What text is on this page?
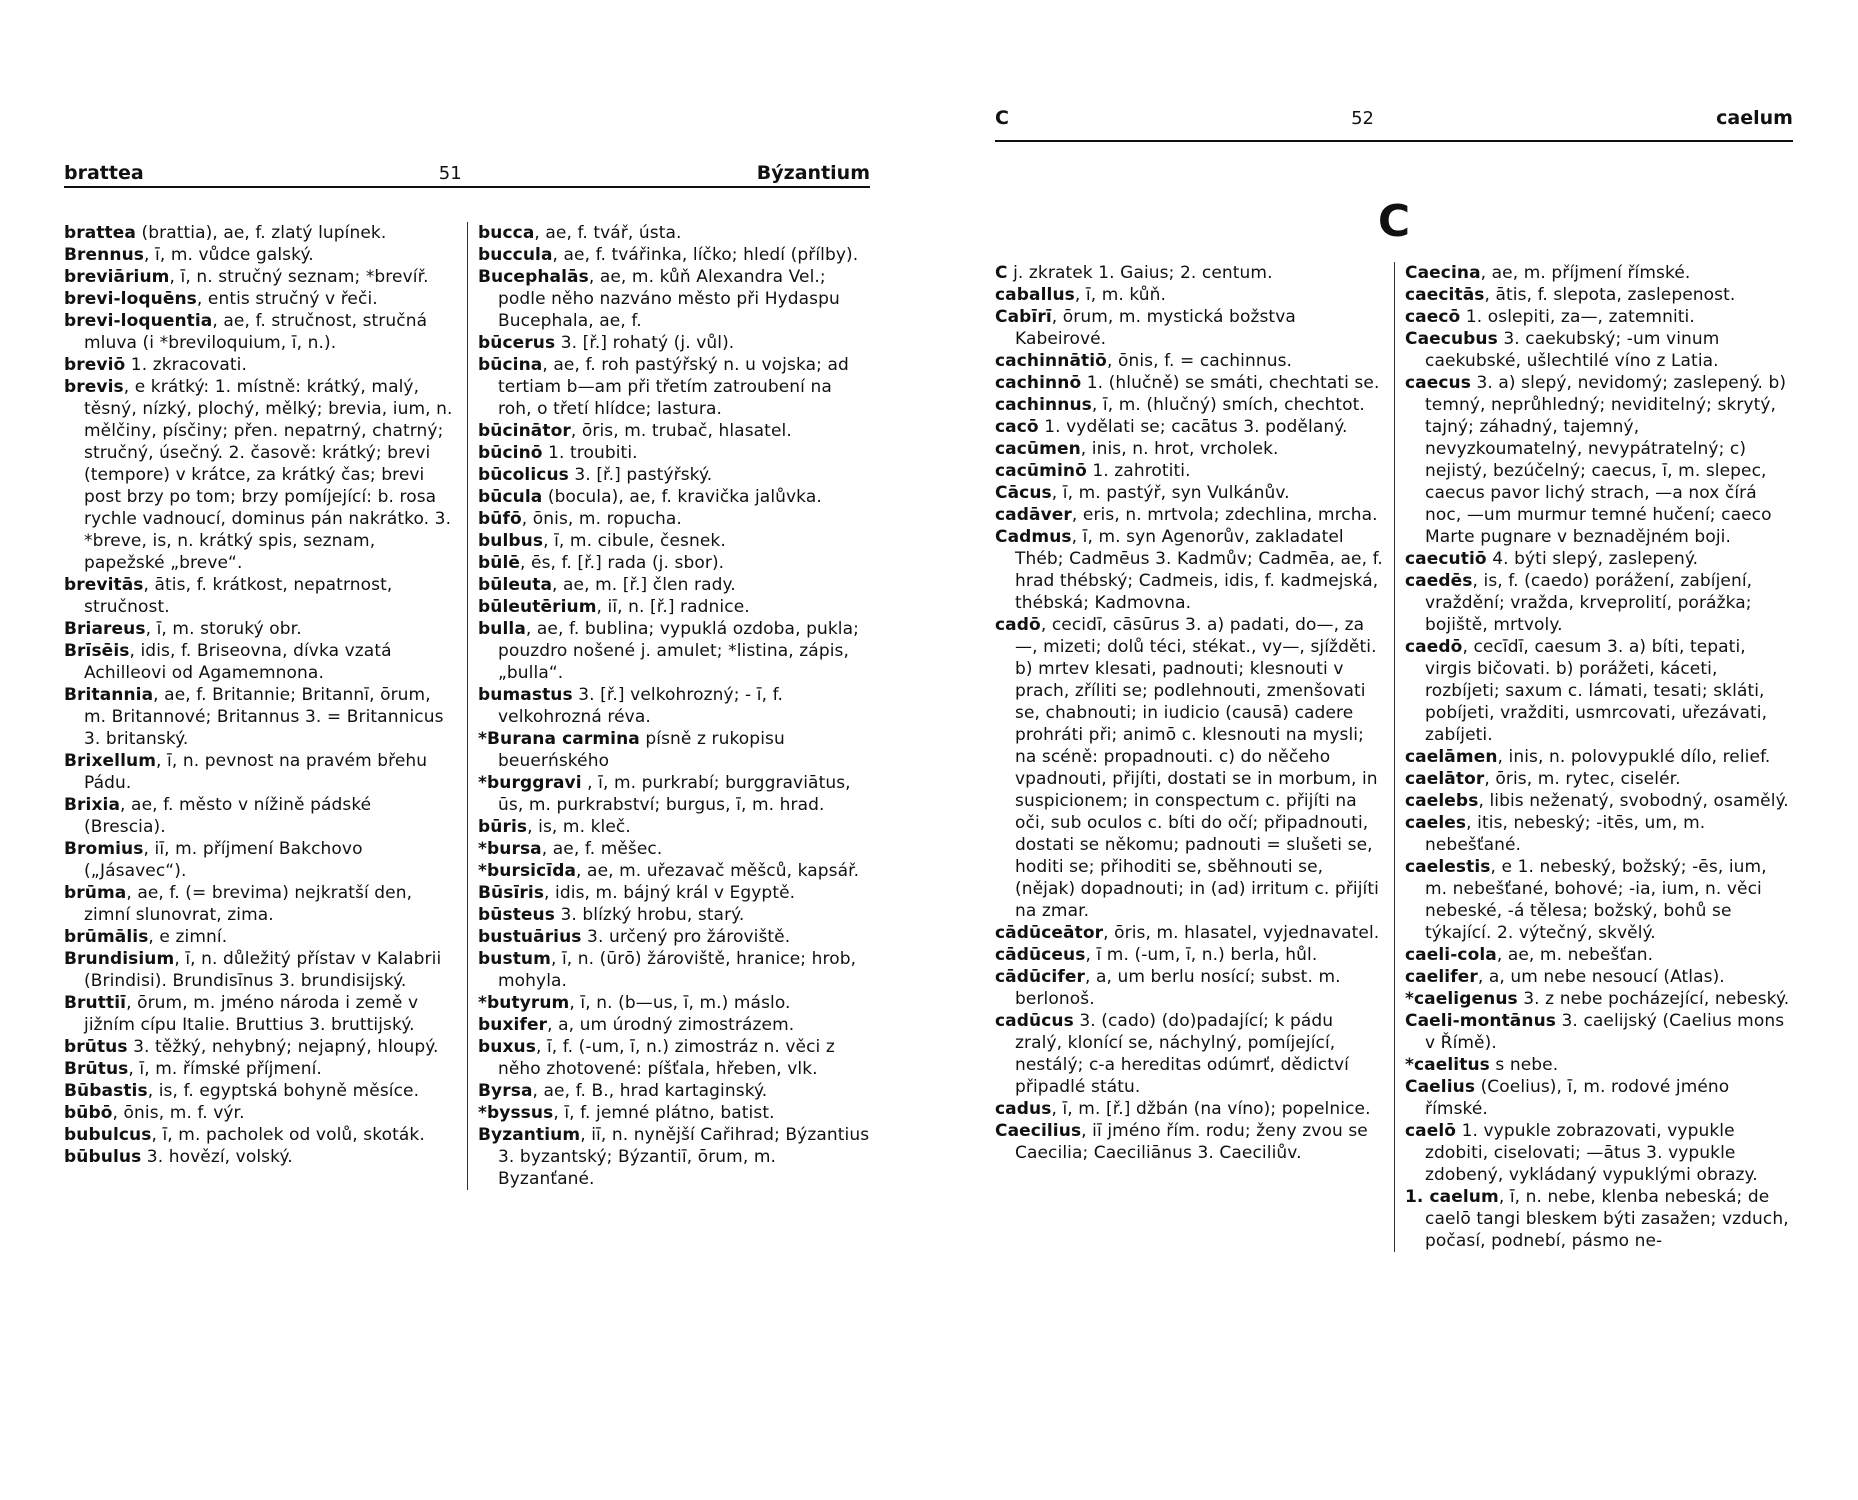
brattea	51	Býzantium

brattea (brattia), ae, f. zlatý lupínek.

Brennus, ī, m. vůdce galský.

breviārium, ī, n. stručný seznam; *brevíř.

brevi-loquēns, entis stručný v řeči.

brevi-loquentia, ae, f. stručnost, stručná mluva (i *breviloquium, ī, n.).

breviō 1. zkracovati.

brevis, e krátký: 1. místně: krátký, malý, těsný, nízký, plochý, mělký; brevia, ium, n. mělčiny, písčiny; přen. nepatrný, chatrný; stručný, úsečný. 2. časově: krátký; brevi (tempore) v krátce, za krátký čas; brevi post brzy po tom; brzy pomíjející: b. rosa rychle vadnoucí, dominus pán nakrátko. 3. *breve, is, n. krátký spis, seznam, papežské „breve“.

brevitās, ātis, f. krátkost, nepatrnost, stručnost.

Briareus, ī, m. storuký obr.

Brīsēis, idis, f. Briseovna, dívka vzatá Achilleovi od Agamemnona.

Britannia, ae, f. Britannie; Britannī, ōrum, m. Britannové; Britannus 3. = Britannicus 3. britanský.

Brixellum, ī, n. pevnost na pravém břehu Pádu.

Brixia, ae, f. město v nížině pádské (Brescia).

Bromius, iī, m. příjmení Bakchovo („Jásavec“).

brūma, ae, f. (= brevima) nejkratší den, zimní slunovrat, zima.

brūmālis, e zimní.

Brundisium, ī, n. důležitý přístav v Kalabrii (Brindisi). Brundisīnus 3. brundisijský.

Bruttiī, ōrum, m. jméno národa i země v jižním cípu Italie. Bruttius 3. bruttijský.

brūtus 3. těžký, nehybný; nejapný, hloupý.

Brūtus, ī, m. římské příjmení.

Būbastis, is, f. egyptská bohyně měsíce.

būbō, ōnis, m. f. výr.

bubulcus, ī, m. pacholek od volů, skoták.

būbulus 3. hovězí, volský.

bucca, ae, f. tvář, ústa.

buccula, ae, f. tvářinka, líčko; hledí (přílby).

Bucephalās, ae, m. kůň Alexandra Vel.; podle něho nazváno město při Hydaspu Bucephala, ae, f.

būcerus 3. [ř.] rohatý (j. vůl).

būcina, ae, f. roh pastýřský n. u vojska; ad tertiam b—am při třetím zatroubení na roh, o třetí hlídce; lastura.

būcinātor, ōris, m. trubač, hlasatel.

būcinō 1. troubiti.

būcolicus 3. [ř.] pastýřský.

būcula (bocula), ae, f. kravička jalůvka.

būfō, ōnis, m. ropucha.

bulbus, ī, m. cibule, česnek.

būlē, ēs, f. [ř.] rada (j. sbor).

būleuta, ae, m. [ř.] člen rady.

būleutērium, iī, n. [ř.] radnice.

bulla, ae, f. bublina; vypuklá ozdoba, pukla; pouzdro nošené j. amulet; *listina, zápis, „bulla“.

bumastus 3. [ř.] velkohrozný; - ī, f. velkohrozná réva.

*Burana carmina písně z rukopisu beuerńského

*burggravi , ī, m. purkrabí; burggraviātus, ūs, m. purkrabství; burgus, ī, m. hrad.

būris, is, m. kleč.

*bursa, ae, f. měšec.

*bursicīda, ae, m. uřezavač měšců, kapsář.

Būsīris, idis, m. bájný král v Egyptě.

būsteus 3. blízký hrobu, starý.

bustuārius 3. určený pro žároviště.

bustum, ī, n. (ūrō) žároviště, hranice; hrob, mohyla.

*butyrum, ī, n. (b—us, ī, m.) máslo.

buxifer, a, um úrodný zimostrázem.

buxus, ī, f. (-um, ī, n.) zimostráz n. věci z něho zhotovené: píšťala, hřeben, vlk.

Byrsa, ae, f. B., hrad kartaginský.

*byssus, ī, f. jemné plátno, batist.

Byzantium, iī, n. nynější Cařihrad; Býzantius 3. byzantský; Býzantiī, ōrum, m. Byzanťané.

C	52	caelum
C

C j. zkratek 1. Gaius; 2. centum.

caballus, ī, m. kůň.

Cabīrī, ōrum, m. mystická božstva Kabeirové.

cachinnātiō, ōnis, f. = cachinnus.

cachinnō 1. (hlučně) se smáti, chechtati se.

cachinnus, ī, m. (hlučný) smích, chechtot.

cacō 1. vydělati se; cacātus 3. podělaný.

cacūmen, inis, n. hrot, vrcholek.

cacūminō 1. zahrotiti.

Cācus, ī, m. pastýř, syn Vulkánův.

cadāver, eris, n. mrtvola; zdechlina, mrcha.

Cadmus, ī, m. syn Agenorův, zakladatel Théb; Cadmēus 3. Kadmův; Cadmēa, ae, f. hrad thébský; Cadmeis, idis, f. kadmejská, thébská; Kadmovna.

cadō, cecidī, cāsūrus 3. a) padati, do—, za—, mizeti; dolů téci, stékat., vy—, sjížděti. b) mrtev klesati, padnouti; klesnouti v prach, zříliti se; podlehnouti, zmenšovati se, chabnouti; in iudicio (causā) cadere prohráti při; animō c. klesnouti na mysli; na scéně: propadnouti. c) do něčeho vpadnouti, přijíti, dostati se in morbum, in suspicionem; in conspectum c. přijíti na oči, sub oculos c. bíti do očí; připadnouti, dostati se někomu; padnouti = slušeti se, hoditi se; přihoditi se, sběhnouti se, (nějak) dopadnouti; in (ad) irritum c. přijíti na zmar.

cādūceātor, ōris, m. hlasatel, vyjednavatel.

cādūceus, ī m. (-um, ī, n.) berla, hůl.

cādūcifer, a, um berlu nosící; subst. m. berlonoš.

cadūcus 3. (cado) (do)padající; k pádu zralý, klonící se, náchylný, pomíjející, nestálý; c-a hereditas odúmrť, dědictví připadlé státu.

cadus, ī, m. [ř.] džbán (na víno); popelnice.

Caecilius, iī jméno řím. rodu; ženy zvou se Caecilia; Caeciliānus 3. Caeciliův.

Caecina, ae, m. příjmení římské.

caecitās, ātis, f. slepota, zaslepenost.

caecō 1. oslepiti, za—, zatemniti.

Caecubus 3. caekubský; -um vinum caekubské, ušlechtilé víno z Latia.

caecus 3. a) slepý, nevidomý; zaslepený. b) temný, neprůhledný; neviditelný; skrytý, tajný; záhadný, tajemný, nevyzkoumatelný, nevypátratelný; c) nejistý, bezúčelný; caecus, ī, m. slepec, caecus pavor lichý strach, —a nox čírá noc, —um murmur temné hučení; caeco Marte pugnare v beznadějném boji.

caecutiō 4. býti slepý, zaslepený.

caedēs, is, f. (caedo) porážení, zabíjení, vraždění; vražda, krveprolití, porážka; bojiště, mrtvoly.

caedō, cecīdī, caesum 3. a) bíti, tepati, virgis bičovati. b) porážeti, káceti, rozbíjeti; saxum c. lámati, tesati; skláti, pobíjeti, vražditi, usmrcovati, uřezávati, zabíjeti.

caelāmen, inis, n. polovypuklé dílo, relief.

caelātor, ōris, m. rytec, ciselér.

caelebs, libis neženatý, svobodný, osamělý.

caeles, itis, nebeský; -itēs, um, m. nebešťané.

caelestis, e 1. nebeský, božský; -ēs, ium, m. nebešťané, bohové; -ia, ium, n. věci nebeské, -á tělesa; božský, bohů se týkající. 2. výtečný, skvělý.

caeli-cola, ae, m. nebešťan.

caelifer, a, um nebe nesoucí (Atlas).

*caeligenus 3. z nebe pocházející, nebeský.

Caeli-montānus 3. caelijský (Caelius mons v Římě).

*caelitus s nebe.

Caelius (Coelius), ī, m. rodové jméno římské.

caelō 1. vypukle zobrazovati, vypukle zdobiti, ciselovati; —ātus 3. vypukle zdobený, vykládaný vypuklými obrazy.

1. caelum, ī, n. nebe, klenba nebeská; de caelō tangi bleskem býti zasažen; vzduch, počasí, podnebí, pásmo ne-
